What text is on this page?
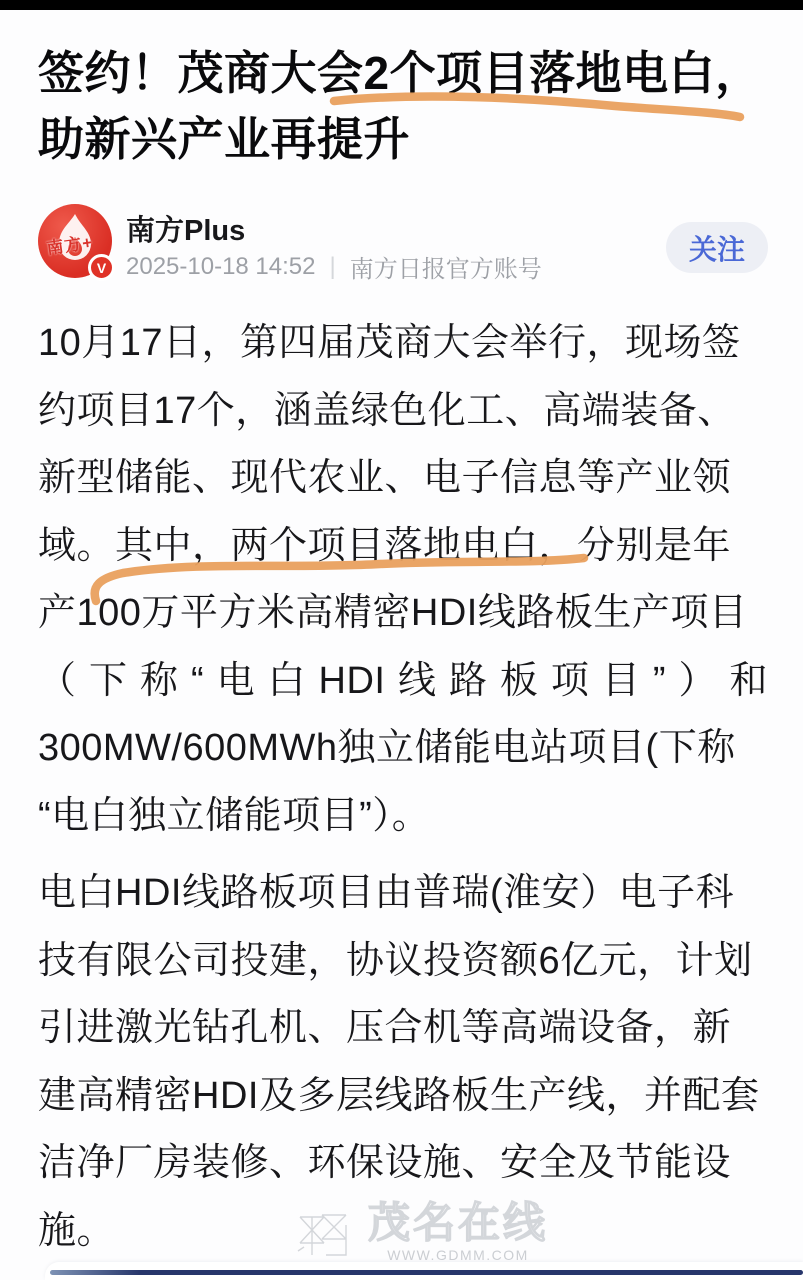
签约！茂商大会2个项目落地电白，
助新兴产业再提升
南方+
V
南方Plus
2025-10-18 14:52 | 南方日报官方账号
关注
10月17日，第四届茂商大会举行，现场签
约项目17个，涵盖绿色化工、高端装备、
新型储能、现代农业、电子信息等产业领
域。其中，两个项目落地电白，分别是年
产100万平方米高精密HDI线路板生产项目
（下称“电白HDI线路板项目”）和
300MW/600MWh独立储能电站项目(下称
“电白独立储能项目”）。
电白HDI线路板项目由普瑞(淮安）电子科
技有限公司投建，协议投资额6亿元，计划
引进激光钻孔机、压合机等高端设备，新
建高精密HDI及多层线路板生产线，并配套
洁净厂房装修、环保设施、安全及节能设
施。	茂名在线
WWW.GDMM.COM
